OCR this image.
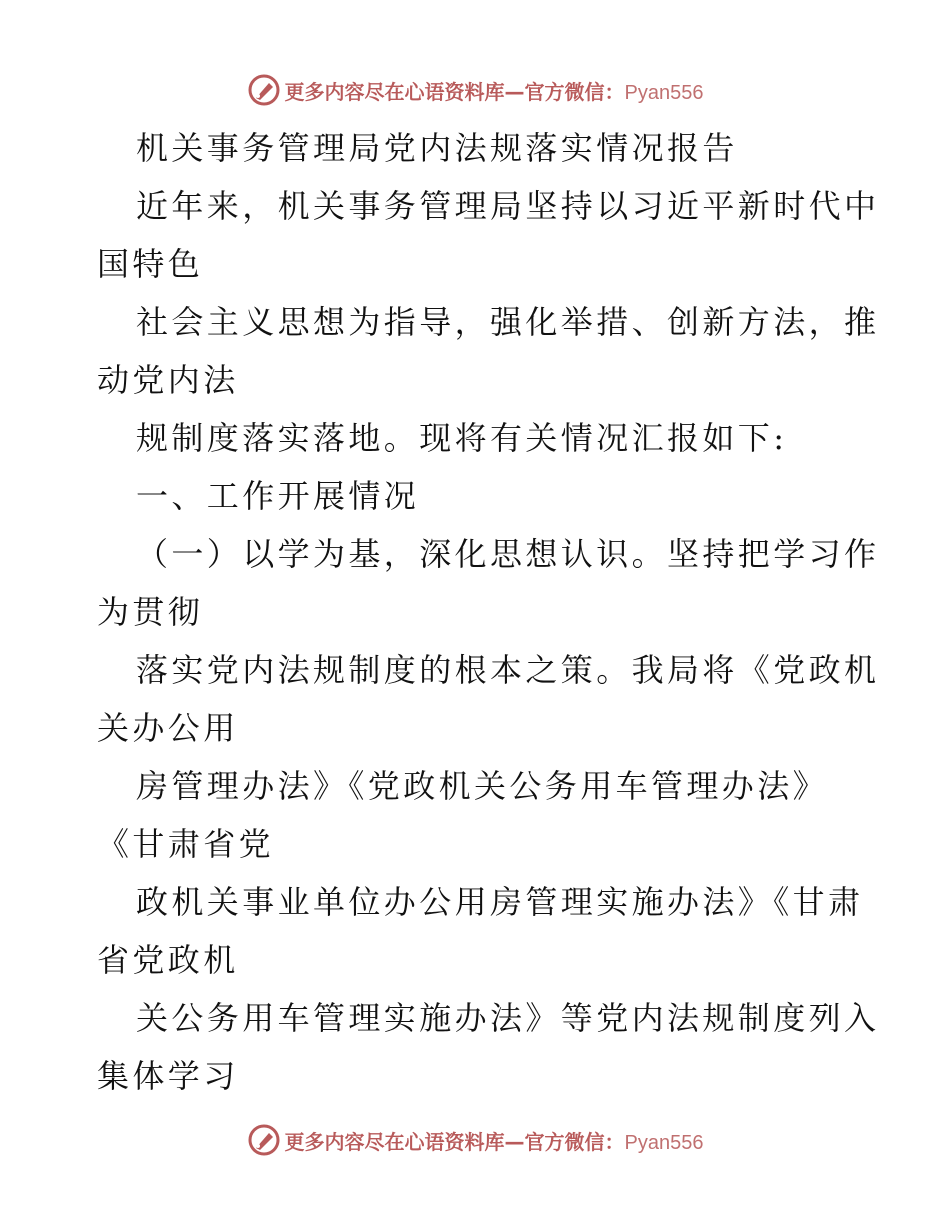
更多内容尽在心语资料库—官方微信：Pyan556
机关事务管理局党内法规落实情况报告
近年来，机关事务管理局坚持以习近平新时代中
国特色
社会主义思想为指导，强化举措、创新方法，推
动党内法
规制度落实落地。现将有关情况汇报如下:
一、工作开展情况
（一）以学为基，深化思想认识。坚持把学习作
为贯彻
落实党内法规制度的根本之策。我局将《党政机
关办公用
房管理办法》《党政机关公务用车管理办法》
《甘肃省党
政机关事业单位办公用房管理实施办法》《甘肃
省党政机
关公务用车管理实施办法》等党内法规制度列入
集体学习
更多内容尽在心语资料库—官方微信：Pyan556
